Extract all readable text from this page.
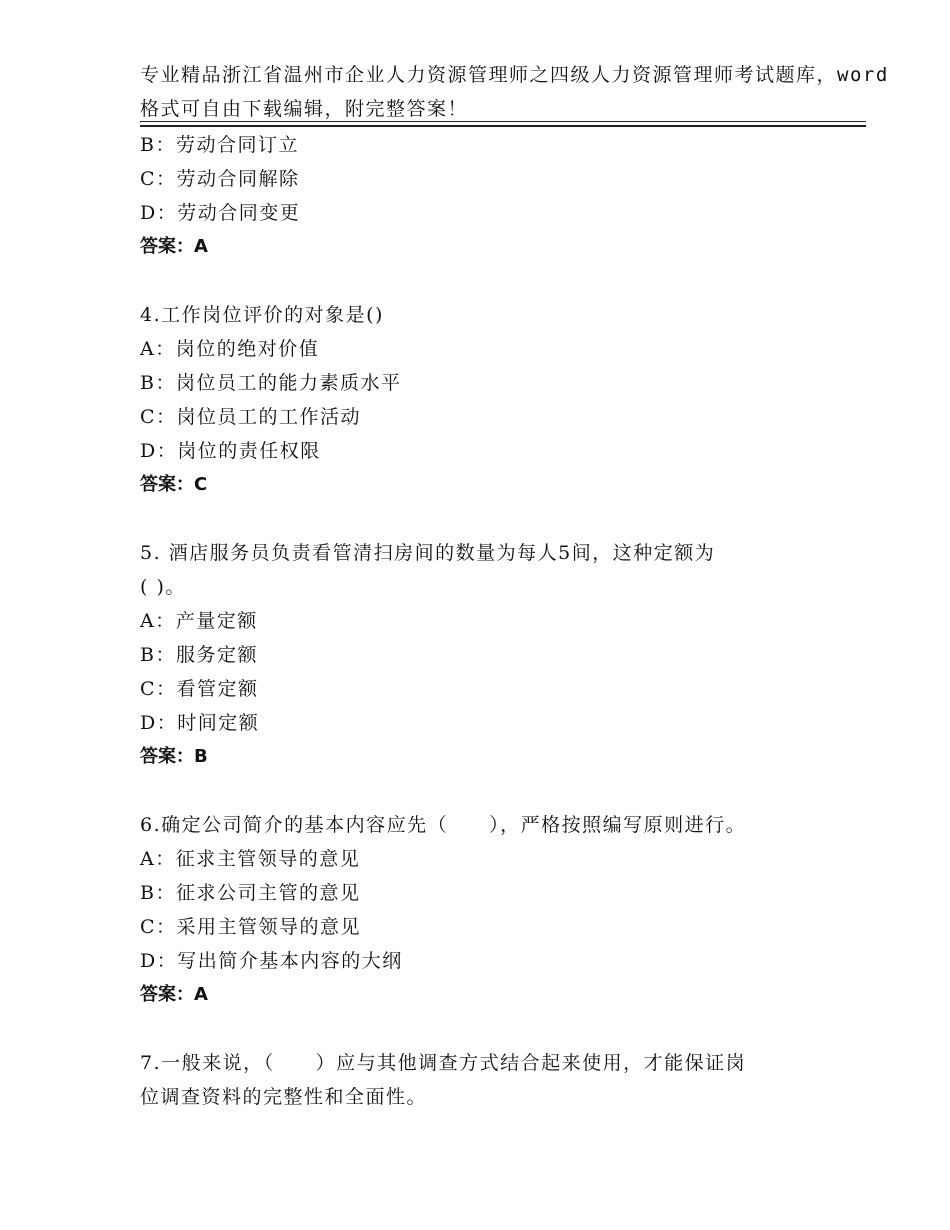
专业精品浙江省温州市企业人力资源管理师之四级人力资源管理师考试题库，word
格式可自由下载编辑，附完整答案！
B：劳动合同订立
C：劳动合同解除
D：劳动合同变更
答案：A
4.工作岗位评价的对象是()
A：岗位的绝对价值
B：岗位员工的能力素质水平
C：岗位员工的工作活动
D：岗位的责任权限
答案：C
5. 酒店服务员负责看管清扫房间的数量为每人5间，这种定额为
( )。
A：产量定额
B：服务定额
C：看管定额
D：时间定额
答案：B
6.确定公司简介的基本内容应先（　　），严格按照编写原则进行。
A：征求主管领导的意见
B：征求公司主管的意见
C：采用主管领导的意见
D：写出简介基本内容的大纲
答案：A
7.一般来说，（　　）应与其他调查方式结合起来使用，才能保证岗
位调查资料的完整性和全面性。
